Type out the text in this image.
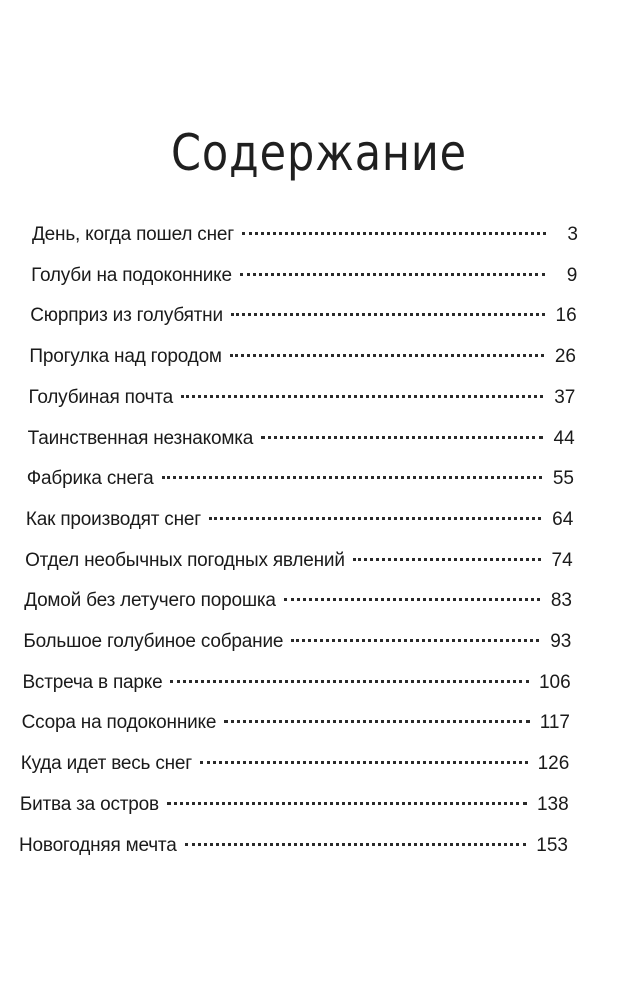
Содержание
День, когда пошел снег	3
Голуби на подоконнике	9
Сюрприз из голубятни	16
Прогулка над городом	26
Голубиная почта	37
Таинственная незнакомка	44
Фабрика снега	55
Как производят снег	64
Отдел необычных погодных явлений	74
Домой без летучего порошка	83
Большое голубиное собрание	93
Встреча в парке	106
Ссора на подоконнике	117
Куда идет весь снег	126
Битва за остров	138
Новогодняя мечта	153
